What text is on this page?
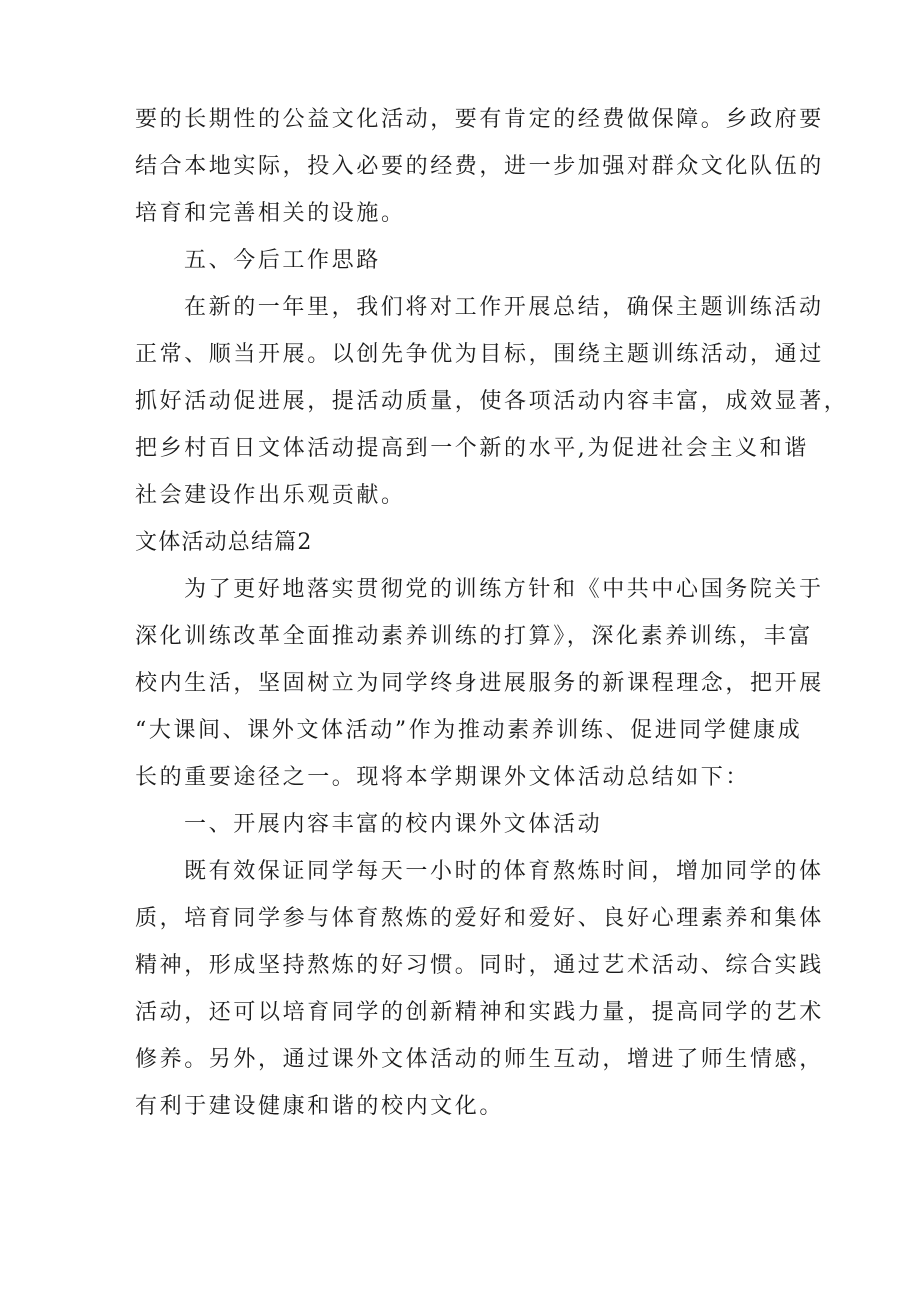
要的长期性的公益文化活动，要有肯定的经费做保障。乡政府要
结合本地实际，投入必要的经费，进一步加强对群众文化队伍的
培育和完善相关的设施。
五、今后工作思路
在新的一年里，我们将对工作开展总结，确保主题训练活动
正常、顺当开展。以创先争优为目标，围绕主题训练活动，通过
抓好活动促进展，提活动质量，使各项活动内容丰富，成效显著，
把乡村百日文体活动提高到一个新的水平,为促进社会主义和谐
社会建设作出乐观贡献。
文体活动总结篇2
为了更好地落实贯彻党的训练方针和《中共中心国务院关于
深化训练改革全面推动素养训练的打算》，深化素养训练，丰富
校内生活，坚固树立为同学终身进展服务的新课程理念，把开展
“大课间、课外文体活动”作为推动素养训练、促进同学健康成
长的重要途径之一。现将本学期课外文体活动总结如下：
一、开展内容丰富的校内课外文体活动
既有效保证同学每天一小时的体育熬炼时间，增加同学的体
质，培育同学参与体育熬炼的爱好和爱好、良好心理素养和集体
精神，形成坚持熬炼的好习惯。同时，通过艺术活动、综合实践
活动，还可以培育同学的创新精神和实践力量，提高同学的艺术
修养。另外，通过课外文体活动的师生互动，增进了师生情感，
有利于建设健康和谐的校内文化。
